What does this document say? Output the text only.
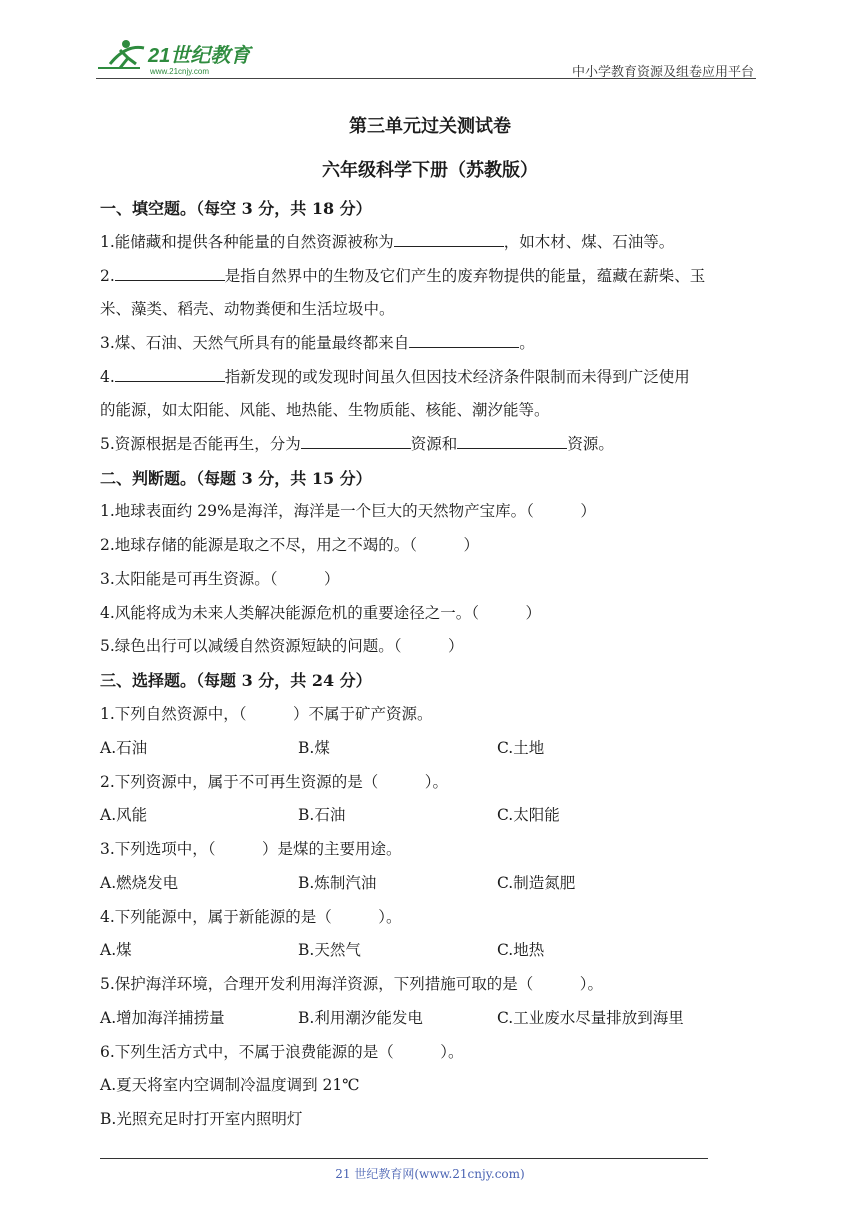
21世纪教育
www.21cnjy.com	中小学教育资源及组卷应用平台
第三单元过关测试卷
六年级科学下册（苏教版）
一、填空题。（每空 3 分，共 18 分）
1.能储藏和提供各种能量的自然资源被称为	，如木材、煤、石油等。
2.	是指自然界中的生物及它们产生的废弃物提供的能量，蕴藏在薪柴、玉
米、藻类、稻壳、动物粪便和生活垃圾中。
3.煤、石油、天然气所具有的能量最终都来自	。
4.	指新发现的或发现时间虽久但因技术经济条件限制而未得到广泛使用
的能源，如太阳能、风能、地热能、生物质能、核能、潮汐能等。
5.资源根据是否能再生，分为	资源和	资源。
二、判断题。（每题 3 分，共 15 分）
1.地球表面约 29%是海洋，海洋是一个巨大的天然物产宝库。（　　　）
2.地球存储的能源是取之不尽，用之不竭的。（　　　）
3.太阳能是可再生资源。（　　　）
4.风能将成为未来人类解决能源危机的重要途径之一。（　　　）
5.绿色出行可以减缓自然资源短缺的问题。（　　　）
三、选择题。（每题 3 分，共 24 分）
1.下列自然资源中，（　　　）不属于矿产资源。
A.石油	B.煤	C.土地
2.下列资源中，属于不可再生资源的是（　　　）。
A.风能	B.石油	C.太阳能
3.下列选项中，（　　　）是煤的主要用途。
A.燃烧发电	B.炼制汽油	C.制造氮肥
4.下列能源中，属于新能源的是（　　　）。
A.煤	B.天然气	C.地热
5.保护海洋环境，合理开发利用海洋资源，下列措施可取的是（　　　）。
A.增加海洋捕捞量	B.利用潮汐能发电	C.工业废水尽量排放到海里
6.下列生活方式中，不属于浪费能源的是（　　　）。
A.夏天将室内空调制冷温度调到 21℃
B.光照充足时打开室内照明灯
21 世纪教育网(www.21cnjy.com)
